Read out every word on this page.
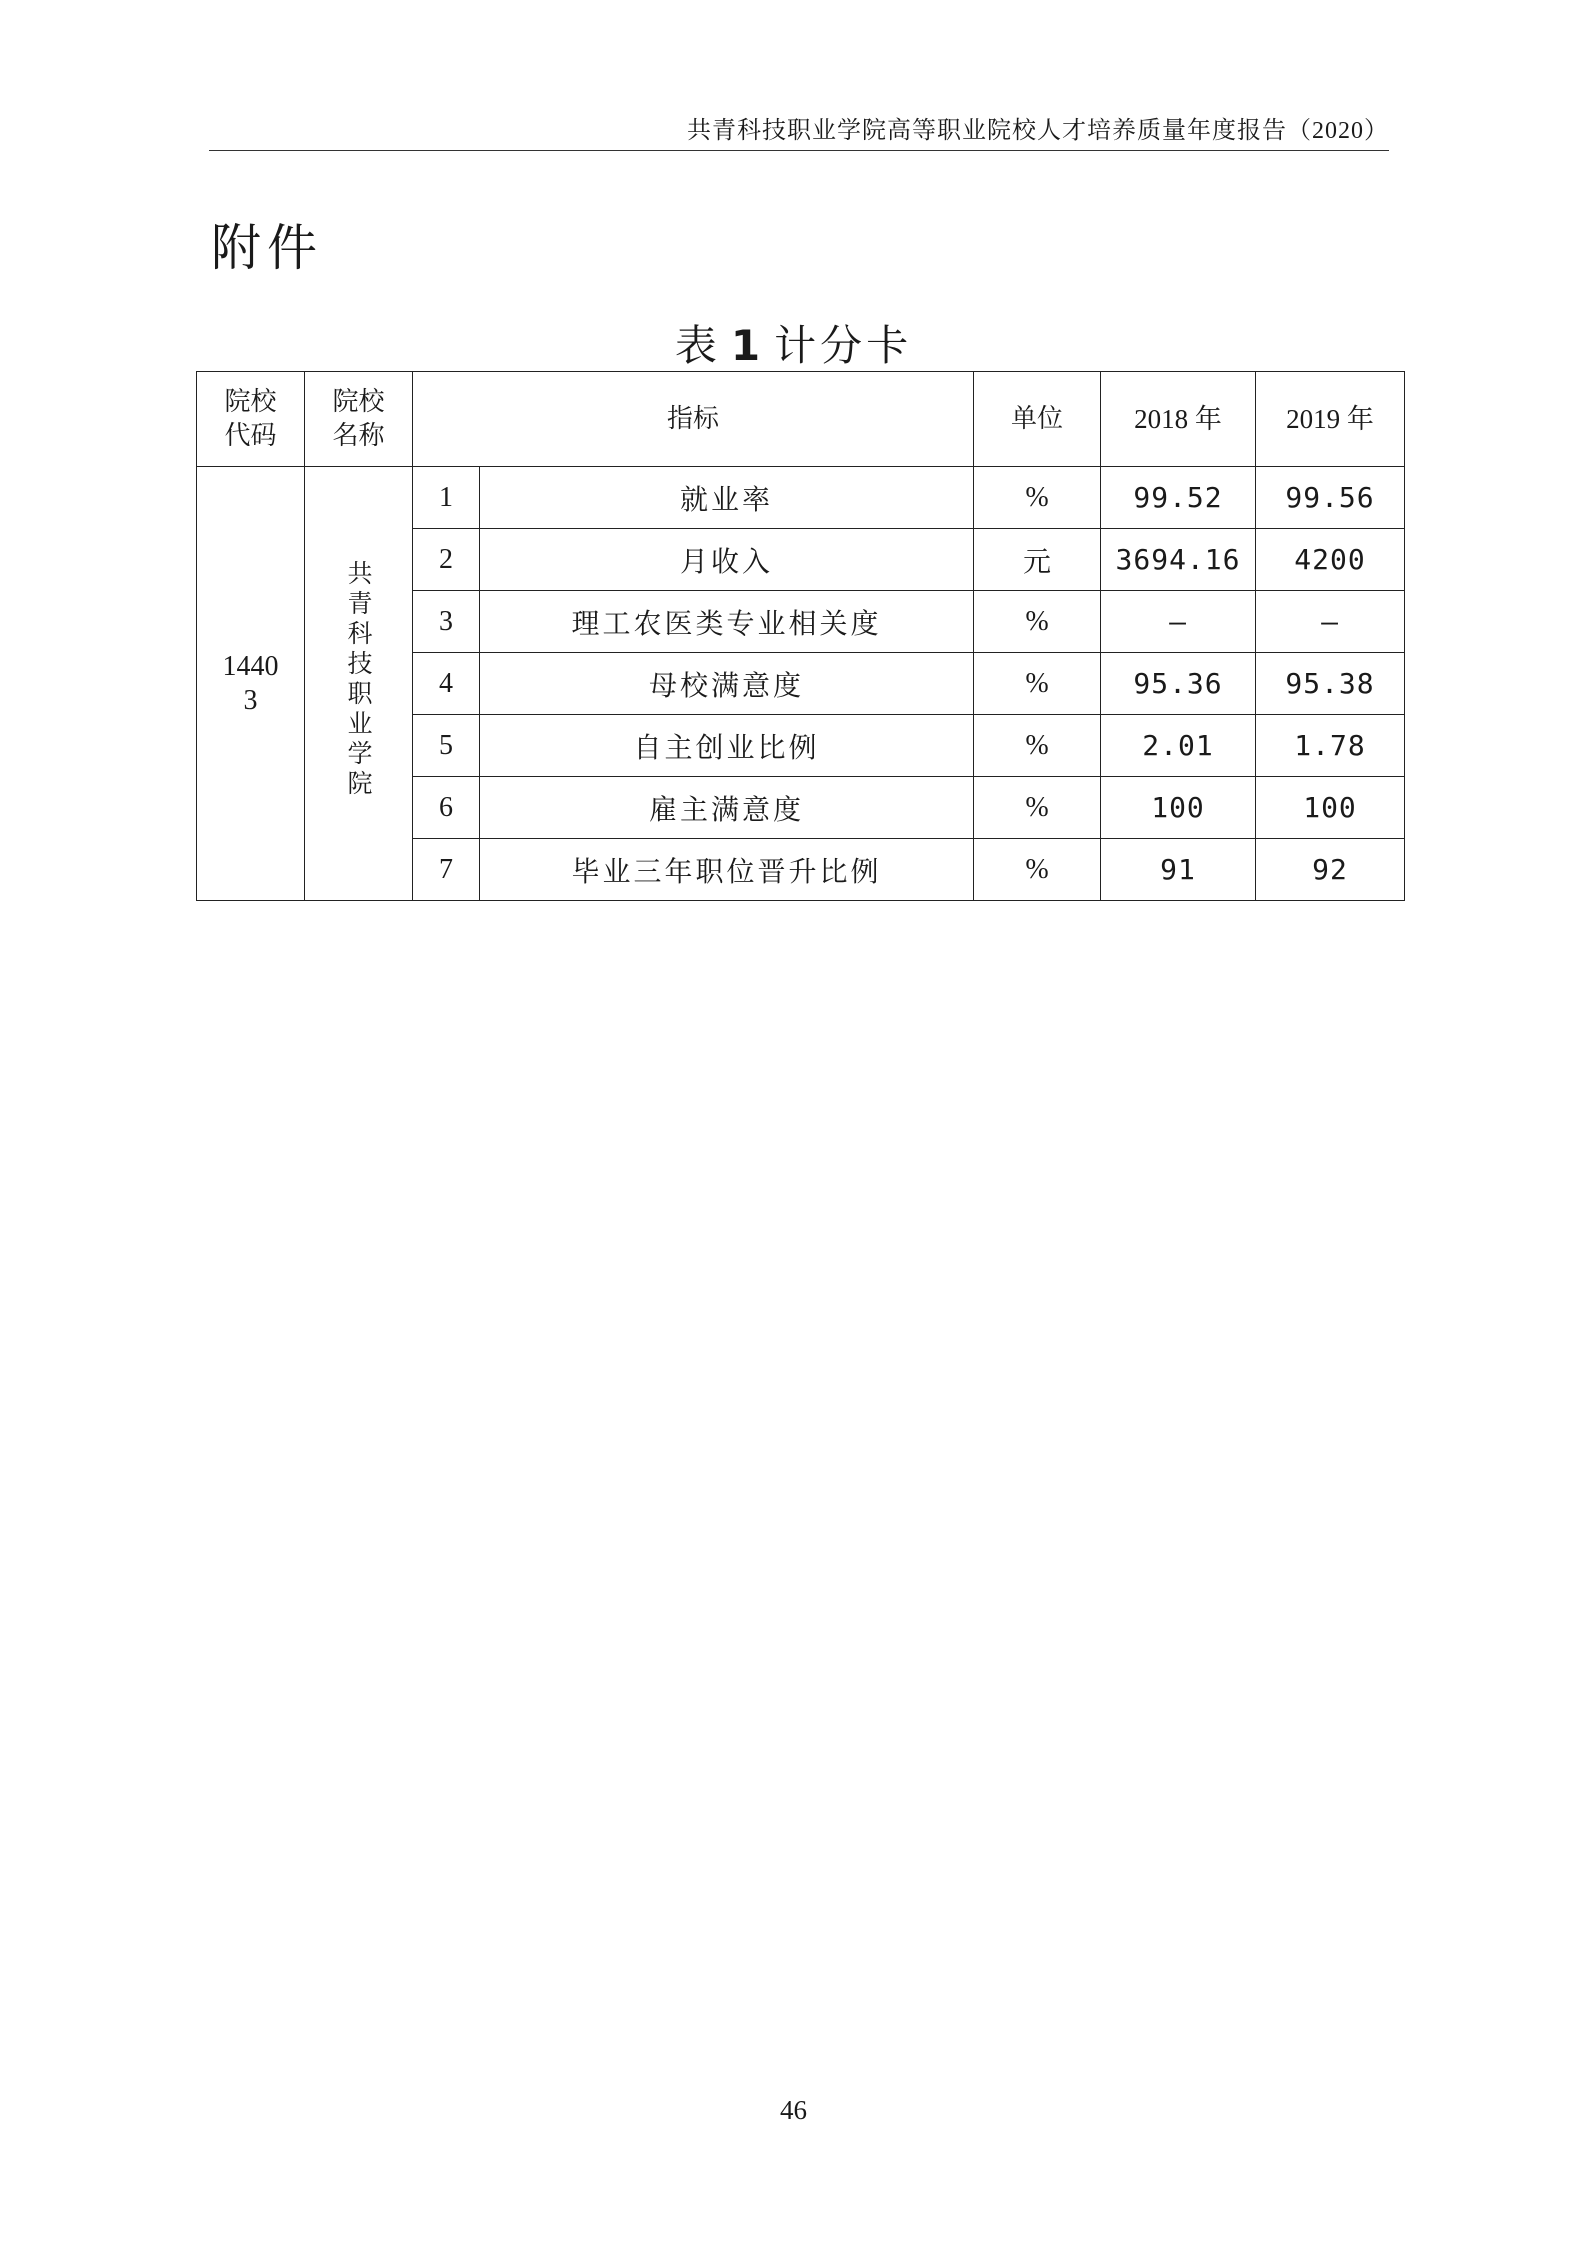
共青科技职业学院高等职业院校人才培养质量年度报告（2020）
附件
表 1 计分卡
院校代码	院校名称	指标		单位	2018 年	2019 年
14403	共青科技职业学院	1	就业率	%	99.52	99.56
		2	月收入	元	3694.16	4200
		3	理工农医类专业相关度	%	–	–
		4	母校满意度	%	95.36	95.38
		5	自主创业比例	%	2.01	1.78
		6	雇主满意度	%	100	100
		7	毕业三年职位晋升比例	%	91	92
46
